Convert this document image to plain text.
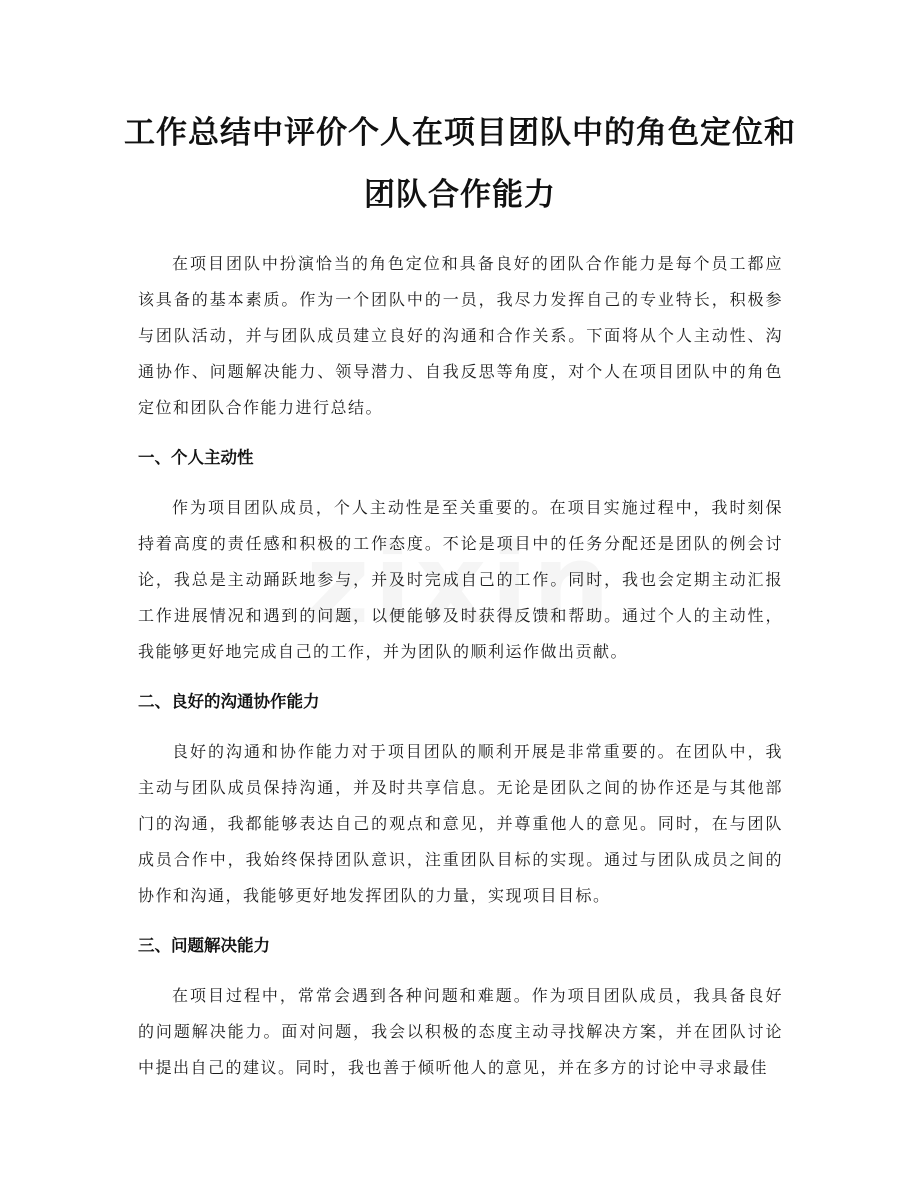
工作总结中评价个人在项目团队中的角色定位和团队合作能力

在项目团队中扮演恰当的角色定位和具备良好的团队合作能力是每个员工都应该具备的基本素质。作为一个团队中的一员，我尽力发挥自己的专业特长，积极参与团队活动，并与团队成员建立良好的沟通和合作关系。下面将从个人主动性、沟通协作、问题解决能力、领导潜力、自我反思等角度，对个人在项目团队中的角色定位和团队合作能力进行总结。

一、个人主动性

作为项目团队成员，个人主动性是至关重要的。在项目实施过程中，我时刻保持着高度的责任感和积极的工作态度。不论是项目中的任务分配还是团队的例会讨论，我总是主动踊跃地参与，并及时完成自己的工作。同时，我也会定期主动汇报工作进展情况和遇到的问题，以便能够及时获得反馈和帮助。通过个人的主动性，我能够更好地完成自己的工作，并为团队的顺利运作做出贡献。

二、良好的沟通协作能力

良好的沟通和协作能力对于项目团队的顺利开展是非常重要的。在团队中，我主动与团队成员保持沟通，并及时共享信息。无论是团队之间的协作还是与其他部门的沟通，我都能够表达自己的观点和意见，并尊重他人的意见。同时，在与团队成员合作中，我始终保持团队意识，注重团队目标的实现。通过与团队成员之间的协作和沟通，我能够更好地发挥团队的力量，实现项目目标。

三、问题解决能力

在项目过程中，常常会遇到各种问题和难题。作为项目团队成员，我具备良好的问题解决能力。面对问题，我会以积极的态度主动寻找解决方案，并在团队讨论中提出自己的建议。同时，我也善于倾听他人的意见，并在多方的讨论中寻求最佳
